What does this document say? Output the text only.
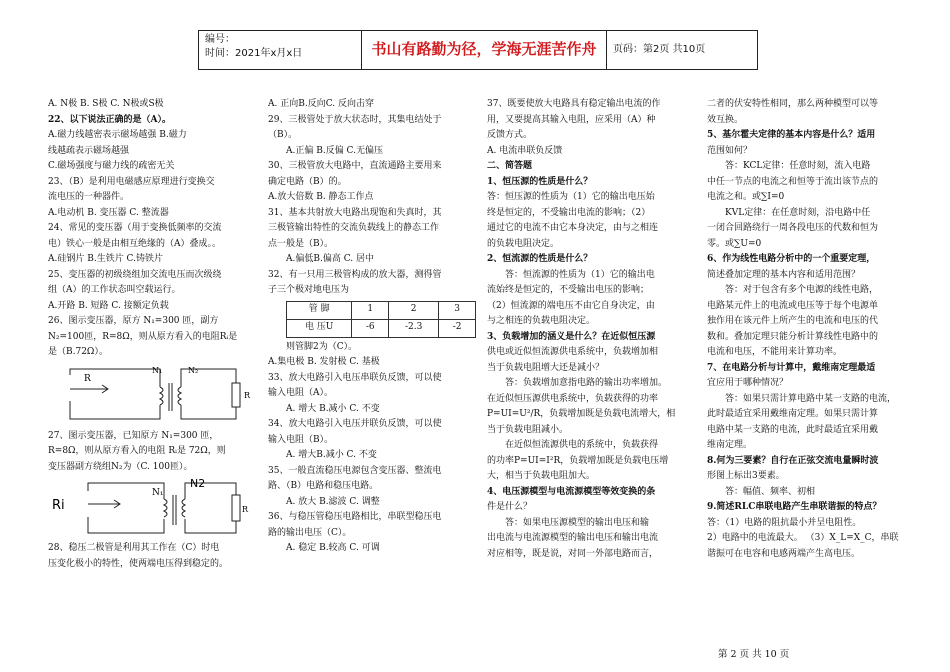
编号：
时间：2021年x月x日	书山有路勤为径，学海无涯苦作舟	页码：第2页 共10页

A. N极 B. S极 C. N极或S极

22、以下说法正确的是（A）。

A.磁力线越密表示磁场越强 B.磁力

线越疏表示磁场越强

C.磁场强度与磁力线的疏密无关

23、（B）是利用电磁感应原理进行变换交

流电压的一种器件。

A.电动机 B. 变压器 C. 整流器

24、常见的变压器（用于变换低频率的交流

电）铁心一般是由相互绝缘的（A）叠成。。

A.硅钢片 B.生铁片 C.铸铁片

25、变压器的初级绕组加交流电压而次级绕

组（A）的工作状态叫空载运行。

A.开路 B. 短路 C. 接额定负载

26、图示变压器，原方 N₁=300 匝，副方

N₂=100匝，R=8Ω，则从原方看入的电阻Rᵢ是

是（B.72Ω）。

R
N₁	N₂
R

27、图示变压器，已知原方 N₁=300 匝，

R=8Ω，则从原方看入的电阻 Rᵢ是 72Ω，则

变压器副方绕组N₂为（C. 100匝）。

Ri
N₁
N2
R

28、稳压二极管是利用其工作在（C）时电

压变化极小的特性，使两端电压得到稳定的。

A. 正向B.反向C. 反向击穿

29、三极管处于放大状态时，其集电结处于

（B）。

A.正偏 B.反偏 C.无偏压

30、三极管放大电路中，直流通路主要用来

确定电路（B）的。

A.放大倍数 B. 静态工作点

31、基本共射放大电路出现饱和失真时，其

三极管输出特性的交流负载线上的静态工作

点一般是（B）。

A.偏低B.偏高 C. 居中

32、有一只用三极管构成的放大器，测得管

子三个极对地电压为

管 脚	1	2	3
电 压U	-6	-2.3	-2

则管脚2为（C）。

A.集电极 B. 发射极 C. 基极

33、放大电路引入电压串联负反馈，可以使

输入电阻（A）。

A. 增大 B.减小 C. 不变

34、放大电路引入电压并联负反馈，可以使

输入电阻（B）。

A. 增大B.减小 C. 不变

35、一般直流稳压电源包含变压器、整流电

路、（B）电路和稳压电路。

A. 放大 B.滤波 C. 调整

36、与稳压管稳压电路相比，串联型稳压电

路的输出电压（C）。

A. 稳定 B.较高 C. 可调

37、既要使放大电路具有稳定输出电流的作

用，又要提高其输入电阻，应采用（A）种

反馈方式。

A. 电流串联负反馈

二、简答题

1、恒压源的性质是什么？

答：恒压源的性质为（1）它的输出电压始

终是恒定的，不受输出电流的影响；（2）

通过它的电流不由它本身决定，由与之相连

的负载电阻决定。

2、恒流源的性质是什么？

答：恒流源的性质为（1）它的输出电

流始终是恒定的，不受输出电压的影响；

（2）恒流源的端电压不由它自身决定，由

与之相连的负载电阻决定。

3、负载增加的涵义是什么？在近似恒压源

供电或近似恒流源供电系统中，负载增加相

当于负载电阻增大还是减小？

答：负载增加意指电路的输出功率增加。

在近似恒压源供电系统中，负载获得的功率

P=UI=U²/R，负载增加既是负载电流增大，相

当于负载电阻减小。

在近似恒流源供电的系统中，负载获得

的功率P=UI=I²R，负载增加既是负载电压增

大，相当于负载电阻加大。

4、电压源模型与电流源模型等效变换的条

件是什么？

答：如果电压源模型的输出电压和输

出电流与电流源模型的输出电压和输出电流

对应相等，既是说，对同一外部电路而言，

二者的伏安特性相同，那么两种模型可以等

效互换。

5、基尔霍夫定律的基本内容是什么？适用

范围如何？

答：KCL定律：任意时刻，流入电路

中任一节点的电流之和恒等于流出该节点的

电流之和。或∑I=0

KVL定律：在任意时刻，沿电路中任

一闭合回路绕行一周各段电压的代数和恒为

零。或∑U=0

6、作为线性电路分析中的一个重要定理，

简述叠加定理的基本内容和适用范围？

答：对于包含有多个电源的线性电路，

电路某元件上的电流或电压等于每个电源单

独作用在该元件上所产生的电流和电压的代

数和。叠加定理只能分析计算线性电路中的

电流和电压，不能用来计算功率。

7、在电路分析与计算中，戴维南定理最适

宜应用于哪种情况？

答：如果只需计算电路中某一支路的电流，

此时最适宜采用戴维南定理。如果只需计算

电路中某一支路的电流，此时最适宜采用戴

维南定理。

8.何为三要素？自行在正弦交流电量瞬时波

形图上标出3要素。

答：幅值、频率、初相

9.简述RLC串联电路产生串联谐振的特点？

答：（1）电路的阻抗最小并呈电阻性。

2）电路中的电流最大。 （3）X_L=X_C，串联

谐振可在电容和电感两端产生高电压。

第 2 页 共 10 页
